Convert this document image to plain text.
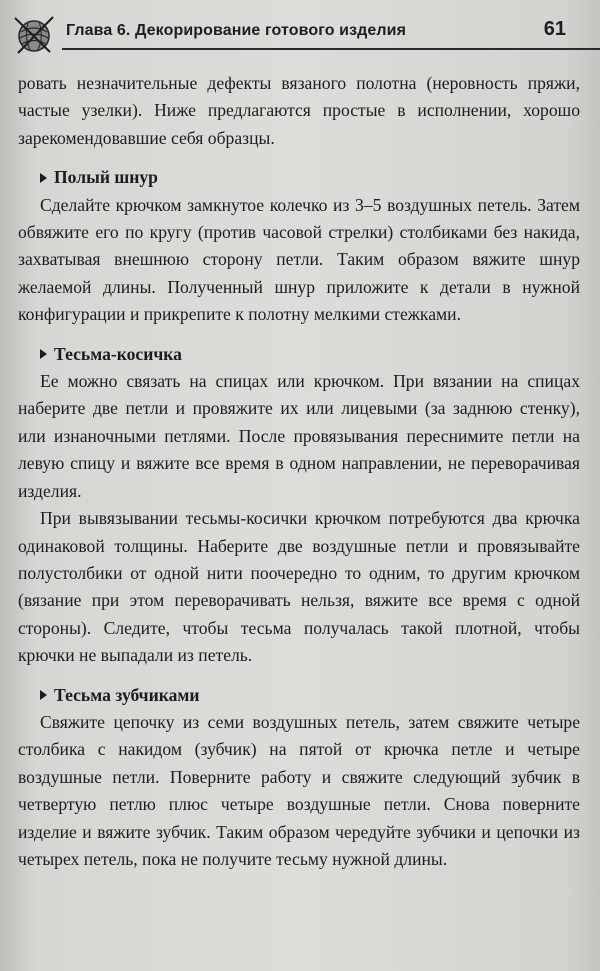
Глава 6. Декорирование готового изделия	61

ровать незначительные дефекты вязаного полотна (неровность пряжи, частые узелки). Ниже предлагаются простые в исполнении, хорошо зарекомендовавшие себя образцы.

Полый шнур

Сделайте крючком замкнутое колечко из 3–5 воздушных петель. Затем обвяжите его по кругу (против часовой стрелки) столбиками без накида, захватывая внешнюю сторону петли. Таким образом вяжите шнур желаемой длины. Полученный шнур приложите к детали в нужной конфигурации и прикрепите к полотну мелкими стежками.

Тесьма-косичка

Ее можно связать на спицах или крючком. При вязании на спицах наберите две петли и провяжите их или лицевыми (за заднюю стенку), или изнаночными петлями. После провязывания переснимите петли на левую спицу и вяжите все время в одном направлении, не переворачивая изделия.

При вывязывании тесьмы-косички крючком потребуются два крючка одинаковой толщины. Наберите две воздушные петли и провязывайте полустолбики от одной нити поочередно то одним, то другим крючком (вязание при этом переворачивать нельзя, вяжите все время с одной стороны). Следите, чтобы тесьма получалась такой плотной, чтобы крючки не выпадали из петель.

Тесьма зубчиками

Свяжите цепочку из семи воздушных петель, затем свяжите четыре столбика с накидом (зубчик) на пятой от крючка петле и четыре воздушные петли. Поверните работу и свяжите следующий зубчик в четвертую петлю плюс четыре воздушные петли. Снова поверните изделие и вяжите зубчик. Таким образом чередуйте зубчики и цепочки из четырех петель, пока не получите тесьму нужной длины.
